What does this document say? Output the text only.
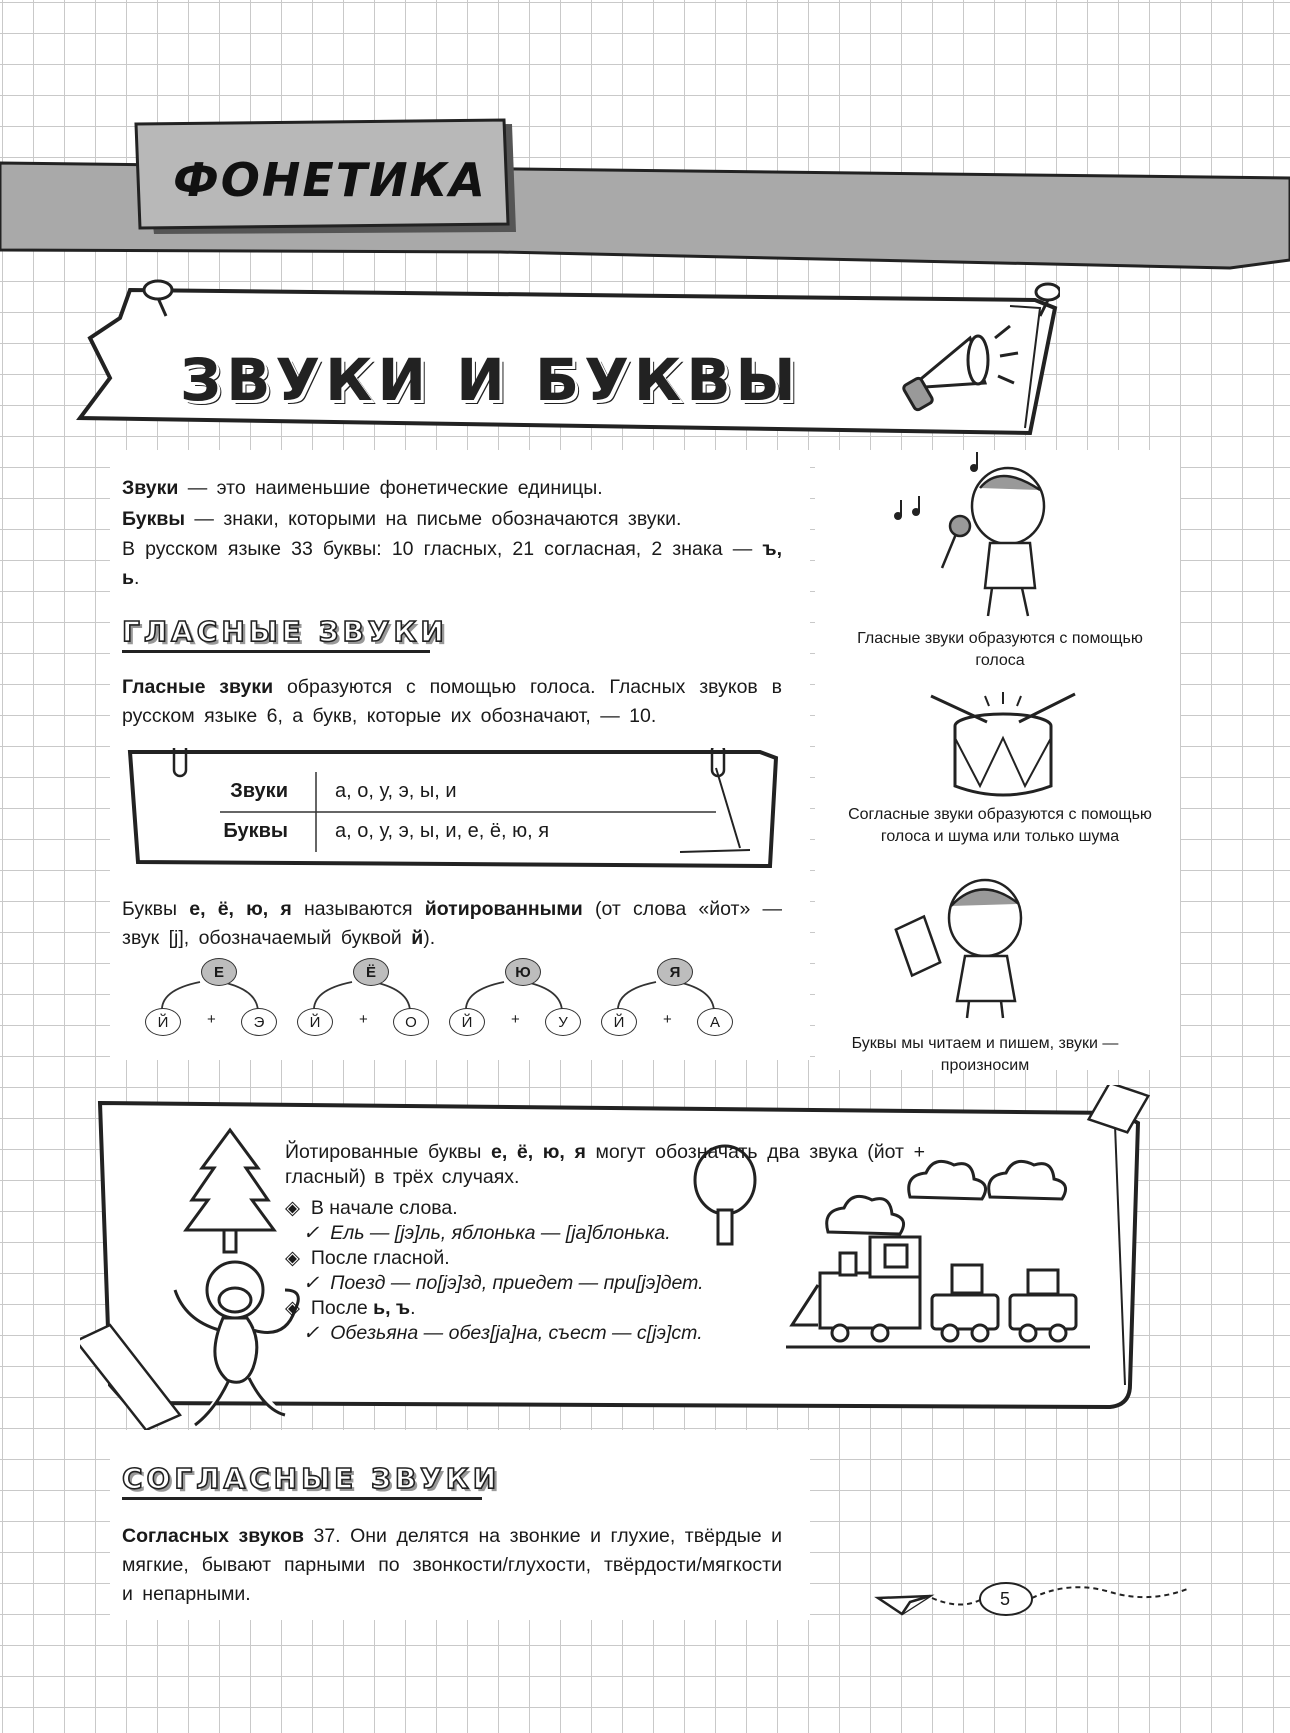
ФОНЕТИКА
ЗВУКИ И БУКВЫ

Звуки — это наименьшие фонетические единицы.

Буквы — знаки, которыми на письме обозначаются звуки.

В русском языке 33 буквы: 10 гласных, 21 согласная, 2 знака — ъ, ь.

ГЛАСНЫЕ ЗВУКИ

Гласные звуки образуются с помощью голоса. Гласных звуков в русском языке 6, а букв, которые их обозначают, — 10.

Звуки	а, о, у, э, ы, и
Буквы	а, о, у, э, ы, и, е, ё, ю, я

Буквы е, ё, ю, я называются йотированными (от слова «йот» — звук [j], обозначаемый буквой й).

Е
Й	+	Э
Ё
Й	+	О
Ю
Й	+	У
Я
Й	+	А
Гласные звуки образуются с помощью голоса
Согласные звуки образуются с помощью голоса и шума или только шума
Буквы мы читаем и пишем, звуки — произносим
Йотированные буквы е, ё, ю, я могут обозначать два звука (йот + гласный) в трёх случаях.
◈ В начале слова.
✓ Ель — [jэ]ль, яблонька — [ja]блонька.
◈ После гласной.
✓ Поезд — по[jэ]зд, приедет — при[jэ]дет.
◈ После ь, ъ.
✓ Обезьяна — обез[ja]на, съест — с[jэ]ст.
СОГЛАСНЫЕ ЗВУКИ

Согласных звуков 37. Они делятся на звонкие и глухие, твёрдые и мягкие, бывают парными по звонкости/глухости, твёрдости/мягкости и непарными.	5
